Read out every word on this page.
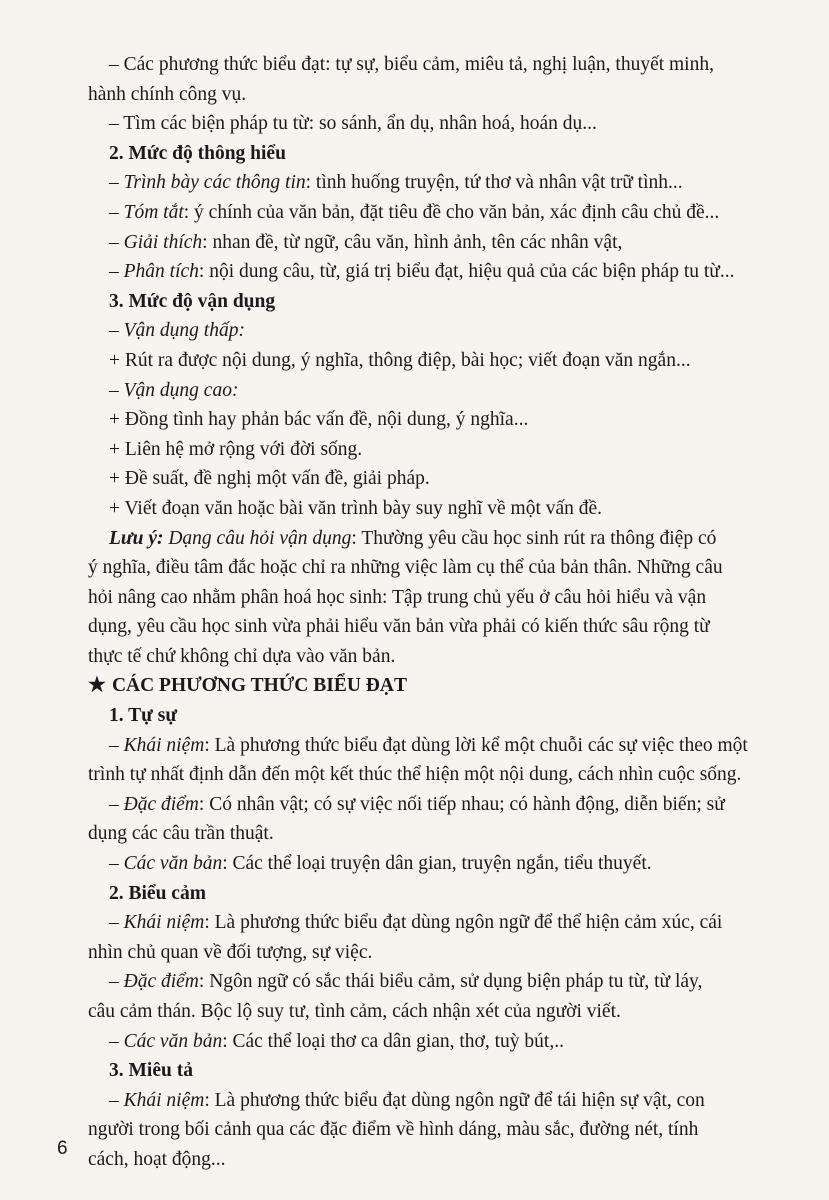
– Các phương thức biểu đạt: tự sự, biểu cảm, miêu tả, nghị luận, thuyết minh,
hành chính công vụ.
– Tìm các biện pháp tu từ: so sánh, ẩn dụ, nhân hoá, hoán dụ...
2. Mức độ thông hiểu
– Trình bày các thông tin: tình huống truyện, tứ thơ và nhân vật trữ tình...
– Tóm tắt: ý chính của văn bản, đặt tiêu đề cho văn bản, xác định câu chủ đề...
– Giải thích: nhan đề, từ ngữ, câu văn, hình ảnh, tên các nhân vật,
– Phân tích: nội dung câu, từ, giá trị biểu đạt, hiệu quả của các biện pháp tu từ...
3. Mức độ vận dụng
– Vận dụng thấp:
+ Rút ra được nội dung, ý nghĩa, thông điệp, bài học; viết đoạn văn ngắn...
– Vận dụng cao:
+ Đồng tình hay phản bác vấn đề, nội dung, ý nghĩa...
+ Liên hệ mở rộng với đời sống.
+ Đề suất, đề nghị một vấn đề, giải pháp.
+ Viết đoạn văn hoặc bài văn trình bày suy nghĩ về một vấn đề.
Lưu ý: Dạng câu hỏi vận dụng: Thường yêu cầu học sinh rút ra thông điệp có
ý nghĩa, điều tâm đắc hoặc chỉ ra những việc làm cụ thể của bản thân. Những câu
hỏi nâng cao nhằm phân hoá học sinh: Tập trung chủ yếu ở câu hỏi hiểu và vận
dụng, yêu cầu học sinh vừa phải hiểu văn bản vừa phải có kiến thức sâu rộng từ
thực tế chứ không chỉ dựa vào văn bản.
★ CÁC PHƯƠNG THỨC BIỂU ĐẠT
1. Tự sự
– Khái niệm: Là phương thức biểu đạt dùng lời kể một chuỗi các sự việc theo một
trình tự nhất định dẫn đến một kết thúc thể hiện một nội dung, cách nhìn cuộc sống.
– Đặc điểm: Có nhân vật; có sự việc nối tiếp nhau; có hành động, diễn biến; sử
dụng các câu trần thuật.
– Các văn bản: Các thể loại truyện dân gian, truyện ngắn, tiểu thuyết.
2. Biểu cảm
– Khái niệm: Là phương thức biểu đạt dùng ngôn ngữ để thể hiện cảm xúc, cái
nhìn chủ quan về đối tượng, sự việc.
– Đặc điểm: Ngôn ngữ có sắc thái biểu cảm, sử dụng biện pháp tu từ, từ láy,
câu cảm thán. Bộc lộ suy tư, tình cảm, cách nhận xét của người viết.
– Các văn bản: Các thể loại thơ ca dân gian, thơ, tuỳ bút,..
3. Miêu tả
– Khái niệm: Là phương thức biểu đạt dùng ngôn ngữ để tái hiện sự vật, con
người trong bối cảnh qua các đặc điểm về hình dáng, màu sắc, đường nét, tính
cách, hoạt động...
6
